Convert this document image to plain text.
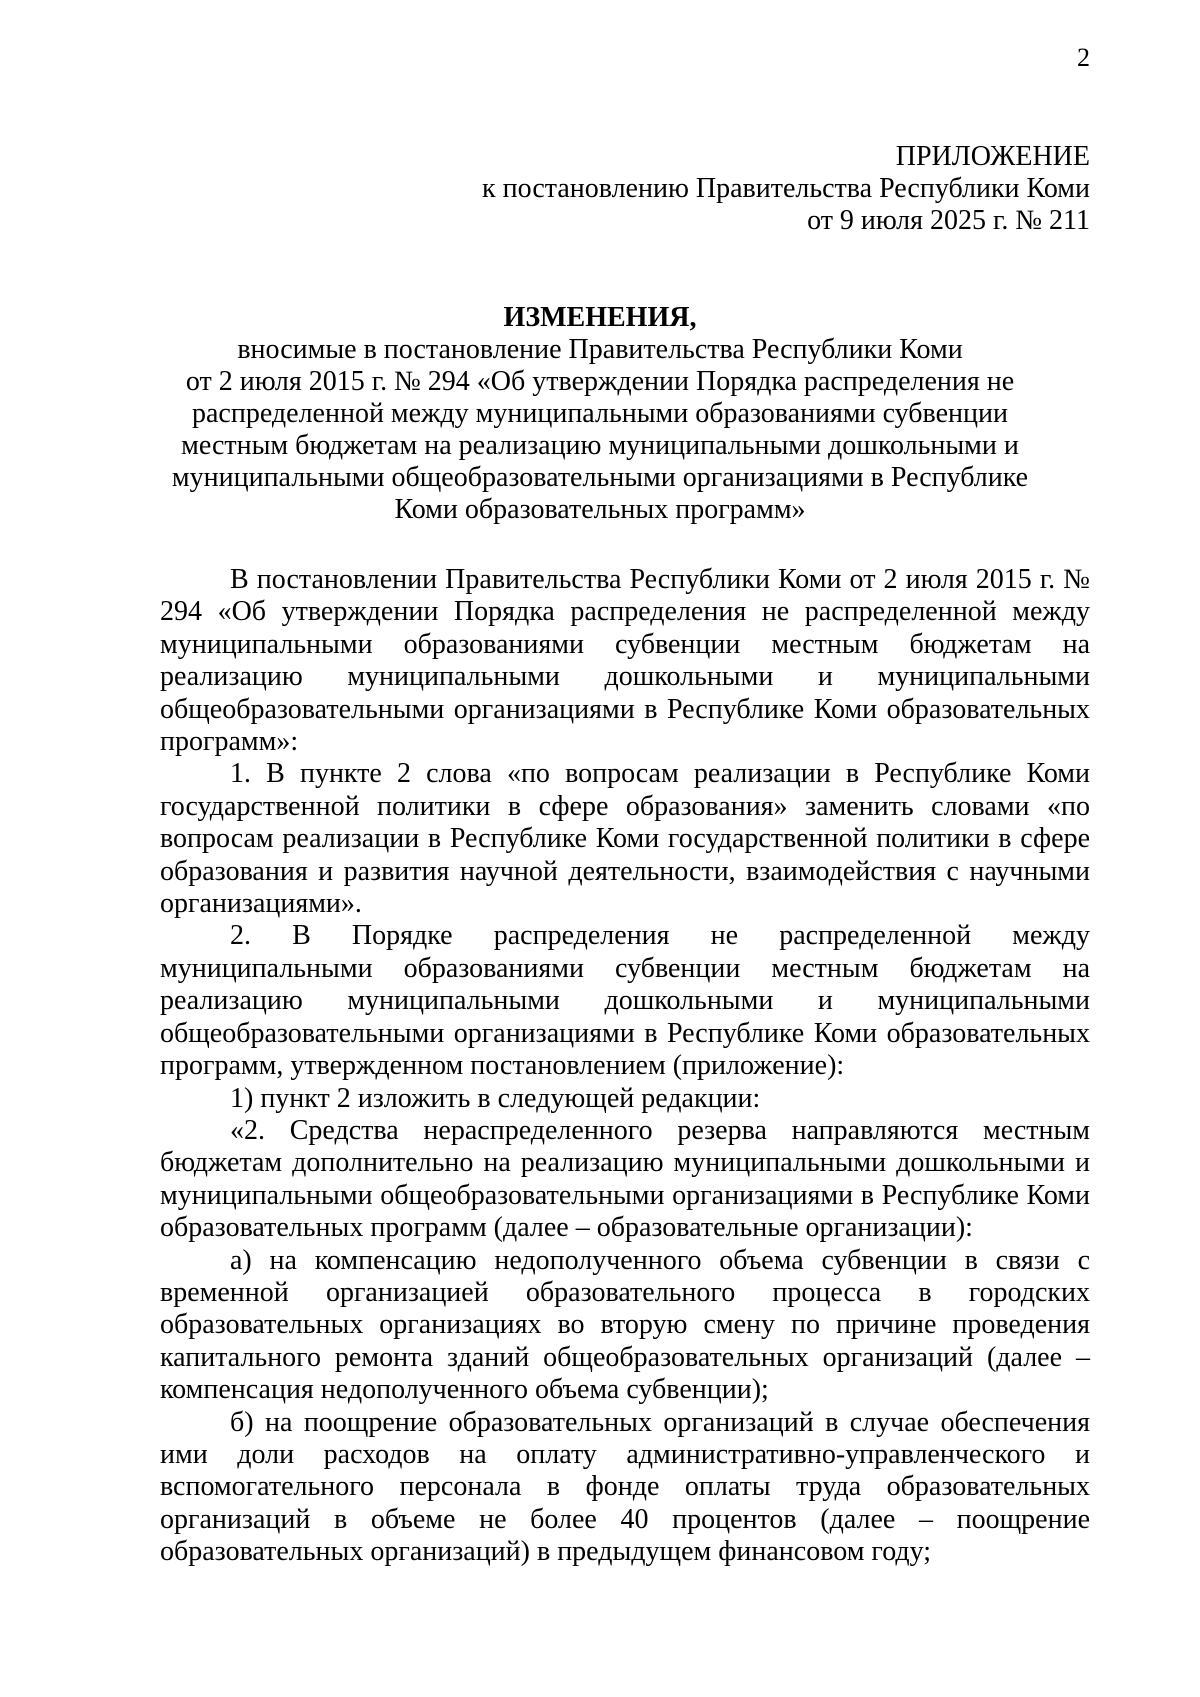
2
ПРИЛОЖЕНИЕ
к постановлению Правительства Республики Коми
от 9 июля 2025 г. № 211
ИЗМЕНЕНИЯ,
вносимые в постановление Правительства Республики Коми
от 2 июля 2015 г. № 294 «Об утверждении Порядка распределения не
распределенной между муниципальными образованиями субвенции
местным бюджетам на реализацию муниципальными дошкольными и
муниципальными общеобразовательными организациями в Республике
Коми образовательных программ»

В постановлении Правительства Республики Коми от 2 июля 2015 г. № 294 «Об утверждении Порядка распределения не распределенной между муниципальными образованиями субвенции местным бюджетам на реализацию муниципальными дошкольными и муниципальными общеобразовательными организациями в Республике Коми образовательных программ»:

1. В пункте 2 слова «по вопросам реализации в Республике Коми государственной политики в сфере образования» заменить словами «по вопросам реализации в Республике Коми государственной политики в сфере образования и развития научной деятельности, взаимодействия с научными организациями».

2. В Порядке распределения не распределенной между муниципальными образованиями субвенции местным бюджетам на реализацию муниципальными дошкольными и муниципальными общеобразовательными организациями в Республике Коми образовательных программ, утвержденном постановлением (приложение):

1) пункт 2 изложить в следующей редакции:

«2. Средства нераспределенного резерва направляются местным бюджетам дополнительно на реализацию муниципальными дошкольными и муниципальными общеобразовательными организациями в Республике Коми образовательных программ (далее – образовательные организации):

а) на компенсацию недополученного объема субвенции в связи с временной организацией образовательного процесса в городских образовательных организациях во вторую смену по причине проведения капитального ремонта зданий общеобразовательных организаций (далее – компенсация недополученного объема субвенции);

б) на поощрение образовательных организаций в случае обеспечения ими доли расходов на оплату административно-управленческого и вспомогательного персонала в фонде оплаты труда образовательных организаций в объеме не более 40 процентов (далее – поощрение образовательных организаций) в предыдущем финансовом году;
